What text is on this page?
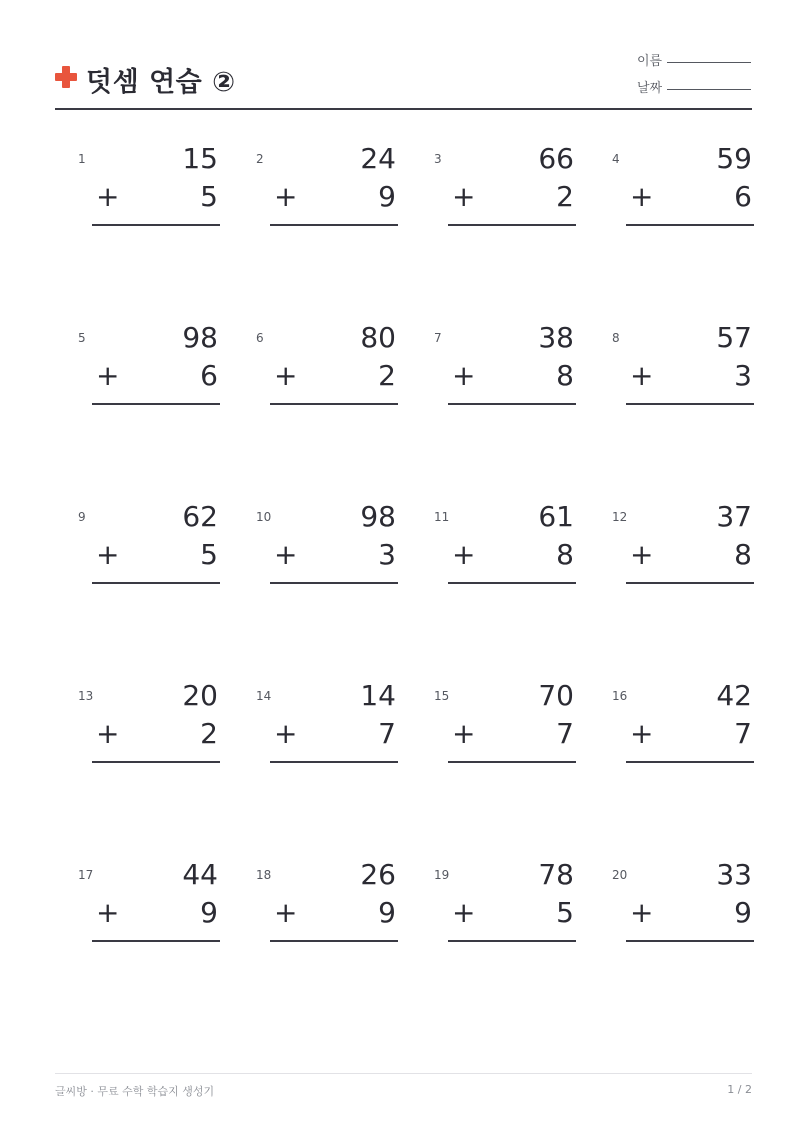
덧셈 연습 ②
이름
날짜
1	15
+	5
2	24
+	9
3	66
+	2
4	59
+	6
5	98
+	6
6	80
+	2
7	38
+	8
8	57
+	3
9	62
+	5
10	98
+	3
11	61
+	8
12	37
+	8
13	20
+	2
14	14
+	7
15	70
+	7
16	42
+	7
17	44
+	9
18	26
+	9
19	78
+	5
20	33
+	9
글씨방 · 무료 수학 학습지 생성기	1 / 2
